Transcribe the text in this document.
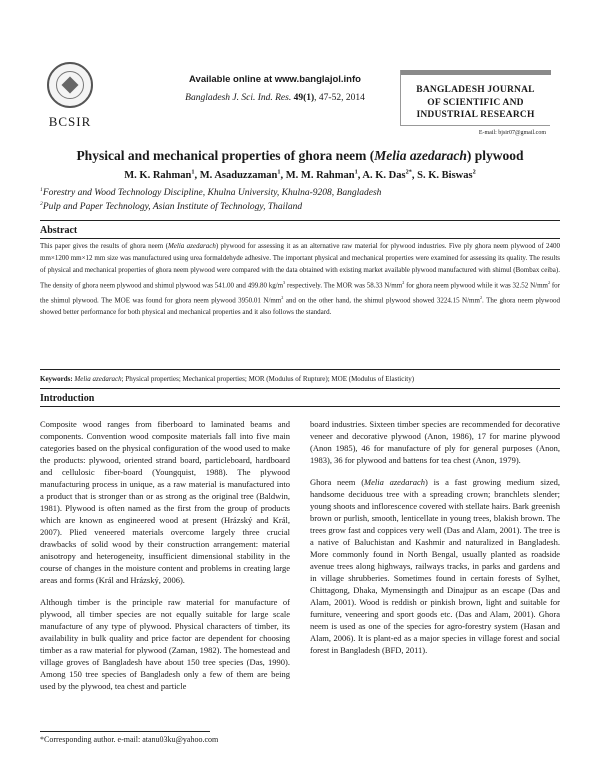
BCSIR
Available online at www.banglajol.info
Bangladesh J. Sci. Ind. Res. 49(1), 47-52, 2014
BANGLADESH JOURNAL
OF SCIENTIFIC AND
INDUSTRIAL RESEARCH
E-mail: bjsir07@gmail.com
Physical and mechanical properties of ghora neem (Melia azedarach) plywood
M. K. Rahman$^1$, M. Asaduzzaman$^1$, M. M. Rahman$^1$, A. K. Das$^{2*}$, S. K. Biswas$^2$
$^1$Forestry and Wood Technology Discipline, Khulna University, Khulna-9208, Bangladesh
$^2$Pulp and Paper Technology, Asian Institute of Technology, Thailand
Abstract
This paper gives the results of ghora neem (Melia azedarach) plywood for assessing it as an alternative raw material for plywood industries. Five ply ghora neem plywood of 2400 mm×1200 mm×12 mm size was manufactured using urea formaldehyde adhesive. The important physical and mechanical properties were examined for assessing its quality. The results of physical and mechanical properties of ghora neem plywood were compared with the data obtained with existing market available plywood manufactured with shimul (Bombax ceiba). The density of ghora neem plywood and shimul plywood was 541.00 and 499.80 $kg/m^3$ respectively. The MOR was 58.33 $N/mm^2$ for ghora neem plywood while it was 32.52 $N/mm^2$ for the shimul plywood. The MOE was found for ghora neem plywood 3950.01 $N/mm^2$ and on the other hand, the shimul plywood showed 3224.15 $N/mm^2$. The ghora neem plywood showed better performance for both physical and mechanical properties and it also follows the standard.
Keywords: Melia azedarach; Physical properties; Mechanical properties; MOR (Modulus of Rupture); MOE (Modulus of Elasticity)
Introduction

Composite wood ranges from fiberboard to laminated beams and components. Convention wood composite materials fall into five main categories based on the physical configuration of the wood used to make the products: plywood, oriented strand board, particleboard, hardboard and cellulosic fiber-board (Youngquist, 1988). The plywood manufacturing process in unique, as a raw material is manufactured into a product that is stronger than or as strong as the original tree (Baldwin, 1981). Plywood is often named as the first from the group of products which are known as engineered wood at present (Hrázský and Král, 2007). Plied veneered materials overcome largely three crucial drawbacks of solid wood by their construction arrangement: material anisotropy and heterogeneity, insufficient dimensional stability in the course of changes in the moisture content and problems in creating large areas and forms (Král and Hrázský, 2006).

Although timber is the principle raw material for manufacture of plywood, all timber species are not equally suitable for large scale manufacture of any type of plywood. Physical characters of timber, its availability in bulk quality and price factor are dependent for choosing timber as a raw material for plywood (Zaman, 1982). The homestead and village groves of Bangladesh have about 150 tree species (Das, 1990). Among 150 tree species of Bangladesh only a few of them are being used by the plywood, tea chest and particle

board industries. Sixteen timber species are recommended for decorative veneer and decorative plywood (Anon, 1986), 17 for marine plywood (Anon 1985), 46 for manufacture of ply for general purposes (Anon, 1983), 36 for plywood and battens for tea chest (Anon, 1979).

Ghora neem (Melia azedarach) is a fast growing medium sized, handsome deciduous tree with a spreading crown; branchlets slender; young shoots and inflorescence covered with stellate hairs. Bark greenish brown or purlish, smooth, lenticellate in young trees, blakish brown. The trees grow fast and coppices very well (Das and Alam, 2001). The tree is a native of Baluchistan and Kashmir and naturalized in Bangladesh. More commonly found in North Bengal, usually planted as roadside avenue trees along highways, railways tracks, in parks and gardens and in village shrubberies. Sometimes found in certain forests of Sylhet, Chittagong, Dhaka, Mymensingth and Dinajpur as an escape (Das and Alam, 2001). Wood is reddish or pinkish brown, light and suitable for furniture, veneering and sport goods etc. (Das and Alam, 2001). Ghora neem is used as one of the species for agro-forestry system (Hasan and Alam, 2006). It is plant-ed as a major species in village forest and social forest in Bangladesh (BFD, 2011).

*Corresponding author. e-mail: atanu03ku@yahoo.com
